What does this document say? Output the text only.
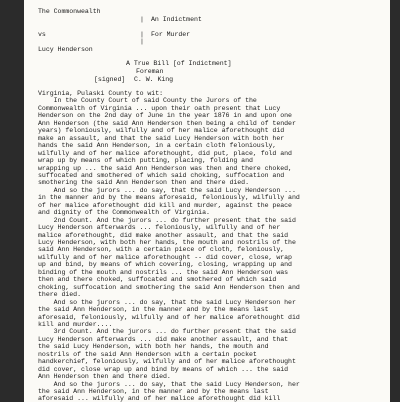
The Commonwealth
| An Indictment
vs	| For Murder
|
Lucy Henderson
A True Bill [of Indictment]
Foreman
[signed] C. W. King
Virginia, Pulaski County to wit:
In the County Court of said County the Jurors of the
Commonwealth of Virginia ... upon their oath present that Lucy
Henderson on the 2nd day of June in the year 1876 in and upon one
Ann Henderson (the said Ann Henderson then being a child of tender
years) feloniously, wilfully and of her malice aforethought did
make an assault, and that the said Lucy Henderson with both her
hands the said Ann Henderson, in a certain cloth feloniously,
wilfully and of her malice aforethought, did put, place, fold and
wrap up by means of which putting, placing, folding and
wrapping up ... the said Ann Henderson was then and there choked,
suffocated and smothered of which said choking, suffocation and
smothering the said Ann Henderson then and there died.
And so the jurors ... do say, that the said Lucy Henderson ...
in the manner and by the means aforesaid, feloniously, wilfully and
of her malice aforethought did kill and murder, against the peace
and dignity of the Commonwealth of Virginia.
2nd Count. And the jurors ... do further present that the said
Lucy Henderson afterwards ... feloniously, wilfully and of her
malice aforethought, did make another assault, and that the said
Lucy Henderson, with both her hands, the mouth and nostrils of the
said Ann Henderson, with a certain piece of cloth, feloniously,
wilfully and of her malice aforethought -- did cover, close, wrap
up and bind, by means of which covering, closing, wrapping up and
binding of the mouth and nostrils ... the said Ann Henderson was
then and there choked, suffocated and smothered of which said
choking, suffocation and smothering the said Ann Henderson then and
there died.
And so the jurors ... do say, that the said Lucy Henderson her
the said Ann Henderson, in the manner and by the means last
aforesaid, feloniously, wilfully and of her malice aforethought did
kill and murder....
3rd Count. And the jurors ... do further present that the said
Lucy Henderson afterwards ... did make another assault, and that
the said Lucy Henderson, with both her hands, the mouth and
nostrils of the said Ann Henderson with a certain pocket
handkerchief, feloniously, wilfully and of her malice aforethought
did cover, close wrap up and bind by means of which ... the said
Ann Henderson then and there died.
And so the jurors ... do say, that the said Lucy Henderson, her
the said Ann Henderson, in the manner and by the means last
aforesaid ... wilfully and of her malice aforethought did kill
